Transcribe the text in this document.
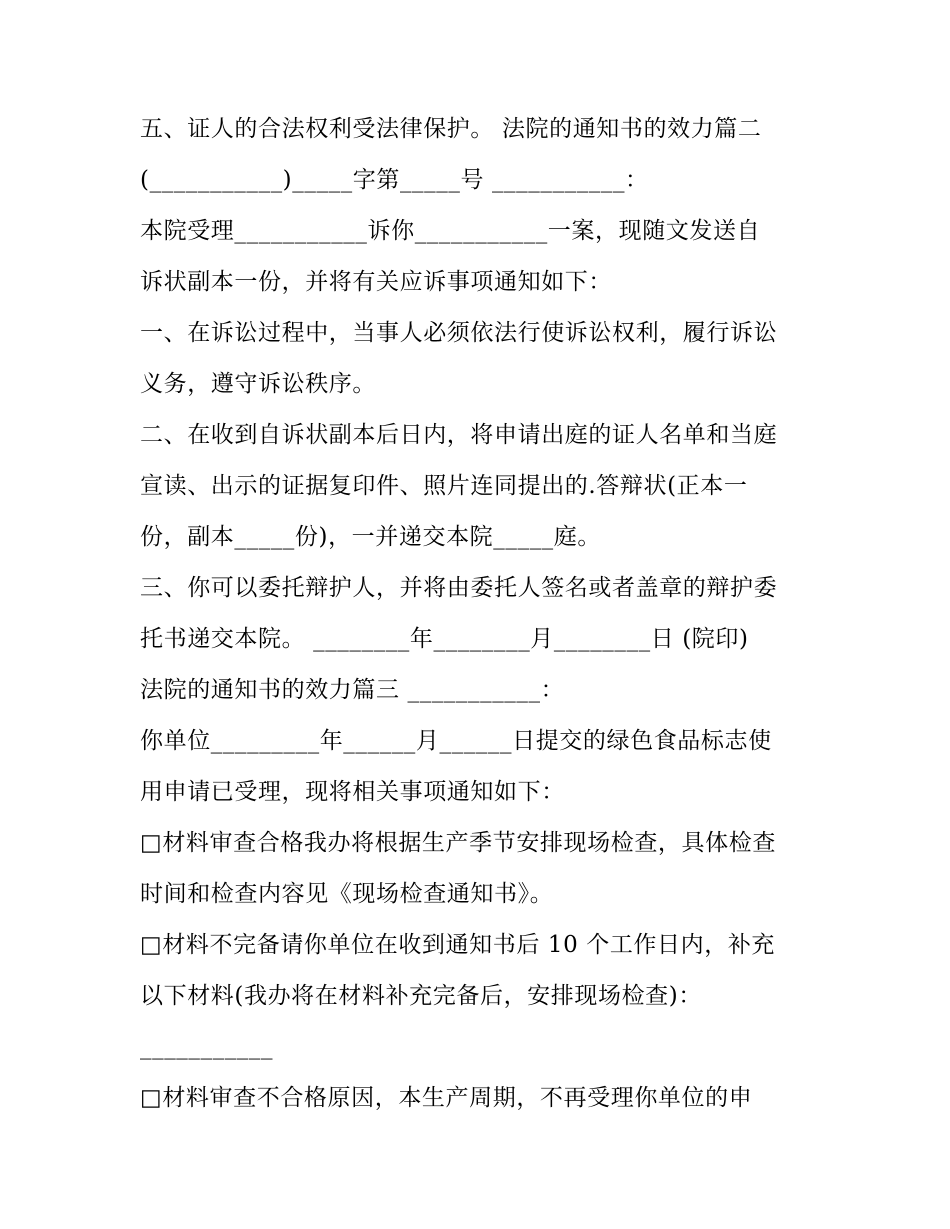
五、证人的合法权利受法律保护。 法院的通知书的效力篇二
(___________)_____字第_____号 ___________：
本院受理___________诉你___________一案，现随文发送自
诉状副本一份，并将有关应诉事项通知如下：
一、在诉讼过程中，当事人必须依法行使诉讼权利，履行诉讼
义务，遵守诉讼秩序。
二、在收到自诉状副本后日内，将申请出庭的证人名单和当庭
宣读、出示的证据复印件、照片连同提出的.答辩状(正本一
份，副本_____份)，一并递交本院_____庭。
三、你可以委托辩护人，并将由委托人签名或者盖章的辩护委
托书递交本院。 ________年________月________日 (院印)
法院的通知书的效力篇三 ___________：
你单位_________年______月______日提交的绿色食品标志使
用申请已受理，现将相关事项通知如下：
□材料审查合格我办将根据生产季节安排现场检查，具体检查
时间和检查内容见《现场检查通知书》。
□材料不完备请你单位在收到通知书后 10 个工作日内，补充
以下材料(我办将在材料补充完备后，安排现场检查)：
___________
□材料审查不合格原因，本生产周期，不再受理你单位的申
